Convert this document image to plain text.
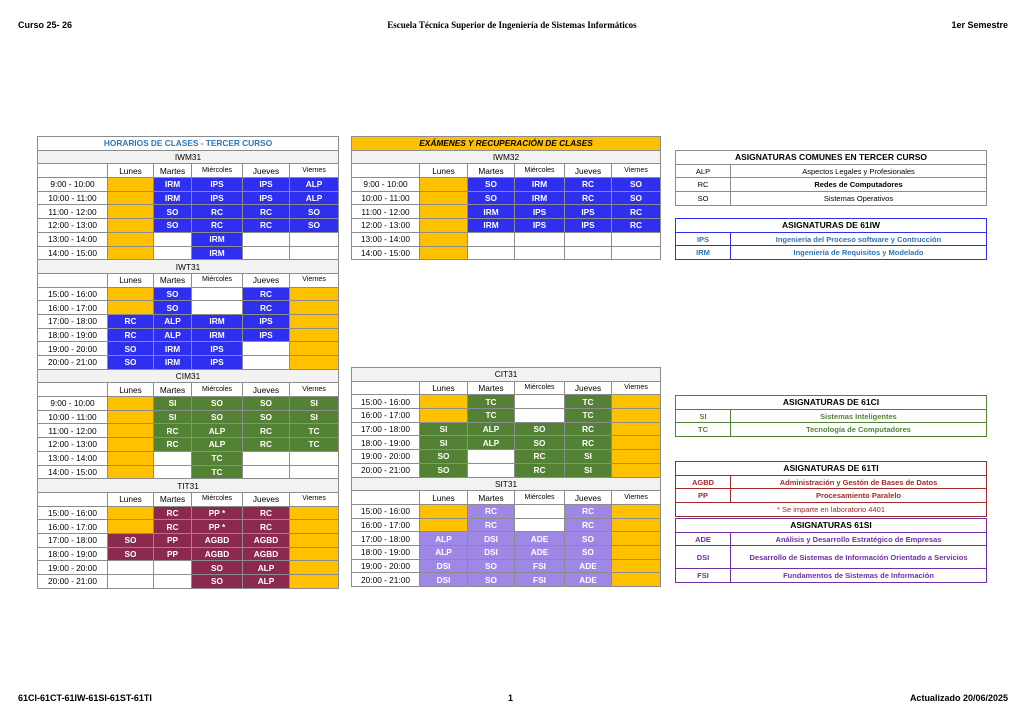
Curso 25- 26	Escuela Técnica Superior de Ingeniería de Sistemas Informáticos	1er Semestre
HORARIOS DE CLASES - TERCER CURSO					
IWM31					
	Lunes	Martes	Miércoles	Jueves	Viernes
9:00 - 10:00		IRM	IPS	IPS	ALP
10:00 - 11:00		IRM	IPS	IPS	ALP
11:00 - 12:00		SO	RC	RC	SO
12:00 - 13:00		SO	RC	RC	SO
13:00 - 14:00			IRM		
14:00 - 15:00			IRM		
IWT31					
	Lunes	Martes	Miércoles	Jueves	Viernes
15:00 - 16:00		SO		RC	
16:00 - 17:00		SO		RC	
17:00 - 18:00	RC	ALP	IRM	IPS	
18:00 - 19:00	RC	ALP	IRM	IPS	
19:00 - 20:00	SO	IRM	IPS		
20:00 - 21:00	SO	IRM	IPS		
CIM31					
	Lunes	Martes	Miércoles	Jueves	Viernes
9:00 - 10:00		SI	SO	SO	SI
10:00 - 11:00		SI	SO	SO	SI
11:00 - 12:00		RC	ALP	RC	TC
12:00 - 13:00		RC	ALP	RC	TC
13:00 - 14:00			TC		
14:00 - 15:00			TC		
TIT31					
	Lunes	Martes	Miércoles	Jueves	Viernes
15:00 - 16:00		RC	PP *	RC	
16:00 - 17:00		RC	PP *	RC	
17:00 - 18:00	SO	PP	AGBD	AGBD	
18:00 - 19:00	SO	PP	AGBD	AGBD	
19:00 - 20:00			SO	ALP	
20:00 - 21:00			SO	ALP	
EXÁMENES Y RECUPERACIÓN DE CLASES					
IWM32					
	Lunes	Martes	Miércoles	Jueves	Viernes
9:00 - 10:00		SO	IRM	RC	SO
10:00 - 11:00		SO	IRM	RC	SO
11:00 - 12:00		IRM	IPS	IPS	RC
12:00 - 13:00		IRM	IPS	IPS	RC
13:00 - 14:00					
14:00 - 15:00					
CIT31					
	Lunes	Martes	Miércoles	Jueves	Viernes
15:00 - 16:00		TC		TC	
16:00 - 17:00		TC		TC	
17:00 - 18:00	SI	ALP	SO	RC	
18:00 - 19:00	SI	ALP	SO	RC	
19:00 - 20:00	SO		RC	SI	
20:00 - 21:00	SO		RC	SI	
SIT31					
	Lunes	Martes	Miércoles	Jueves	Viernes
15:00 - 16:00		RC		RC	
16:00 - 17:00		RC		RC	
17:00 - 18:00	ALP	DSI	ADE	SO	
18:00 - 19:00	ALP	DSI	ADE	SO	
19:00 - 20:00	DSI	SO	FSI	ADE	
20:00 - 21:00	DSI	SO	FSI	ADE	
ASIGNATURAS COMUNES EN TERCER CURSO	
ALP	Aspectos Legales y Profesionales
RC	Redes de Computadores
SO	Sistemas Operativos
ASIGNATURAS DE 61IW	
IPS	Ingeniería del Proceso software y Contrucción
IRM	Ingeniería de Requisitos y Modelado
ASIGNATURAS DE 61CI	
SI	Sistemas Inteligentes
TC	Tecnología de Computadores
ASIGNATURAS DE 61TI	
AGBD	Administración y Gestón de Bases de Datos
PP	Procesamiento Paralelo
* Se imparte en laboratorio 4401	
ASIGNATURAS 61SI	
ADE	Análisis y Desarrollo Estratégico de Empresas
DSI	Desarrollo de Sistemas de Información Orientado a Servicios
FSI	Fundamentos de Sistemas de Información
61CI-61CT-61IW-61SI-61ST-61TI	1	Actualizado 20/06/2025
